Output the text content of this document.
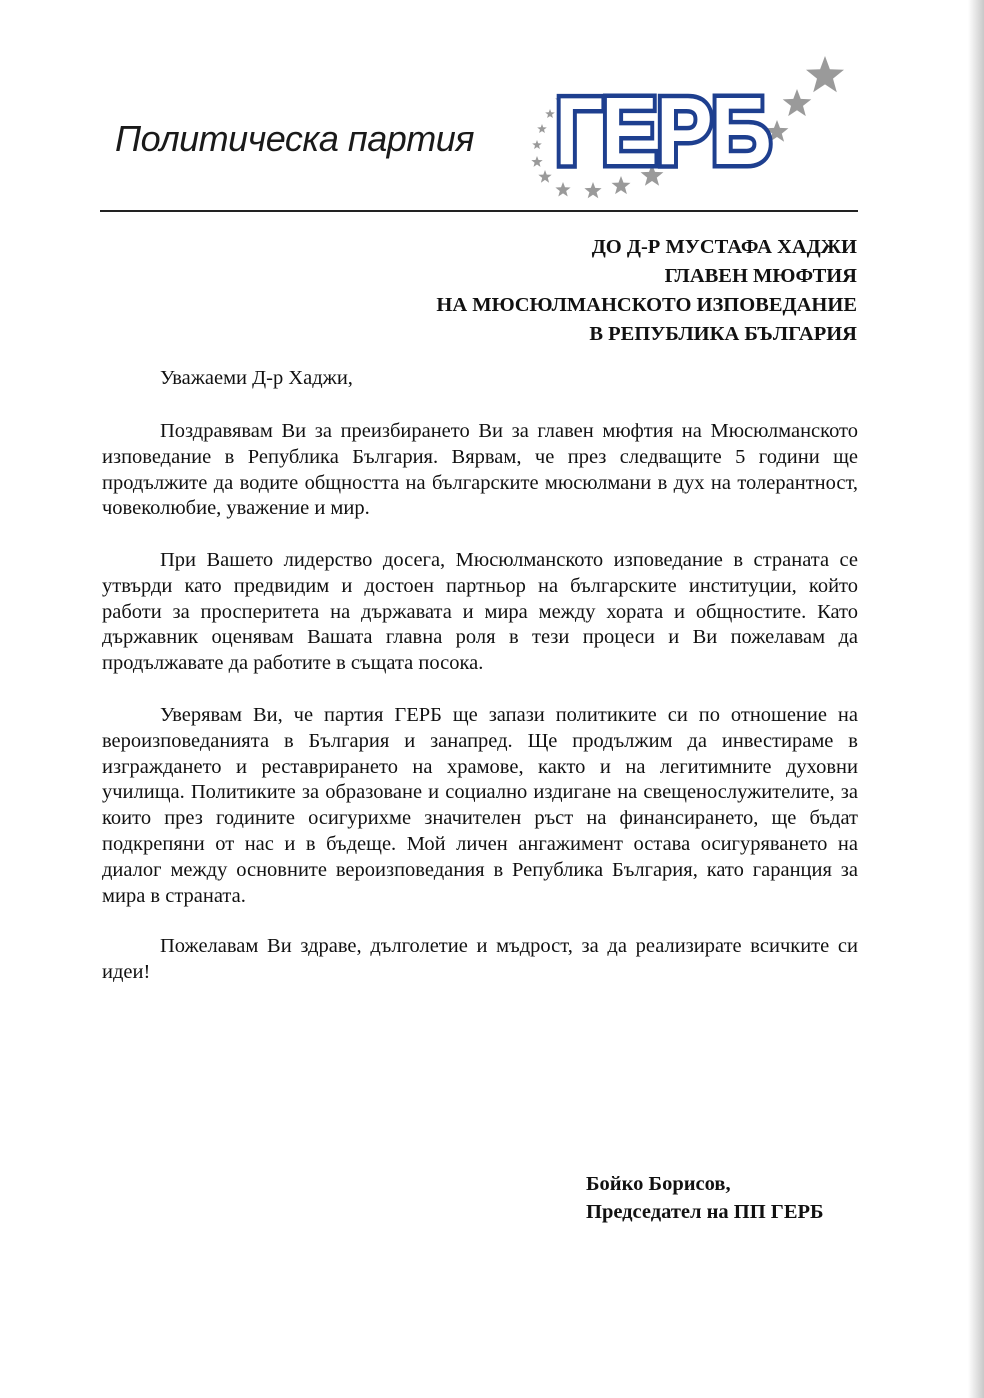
Политическа партия ГЕРБ
ДО Д-Р МУСТАФА ХАДЖИ
ГЛАВЕН МЮФТИЯ
НА МЮСЮЛМАНСКОТО ИЗПОВЕДАНИЕ
В РЕПУБЛИКА БЪЛГАРИЯ
Уважаеми Д-р Хаджи,

Поздравявам Ви за преизбирането Ви за главен мюфтия на Мюсюлманското изповедание в Република България. Вярвам, че през следващите 5 години ще продължите да водите общността на българските мюсюлмани в дух на толерантност, човеколюбие, уважение и мир.

При Вашето лидерство досега, Мюсюлманското изповедание в страната се утвърди като предвидим и достоен партньор на българските институции, който работи за просперитета на държавата и мира между хората и общностите. Като държавник оценявам Вашата главна роля в тези процеси и Ви пожелавам да продължавате да работите в същата посока.

Уверявам Ви, че партия ГЕРБ ще запази политиките си по отношение на вероизповеданията в България и занапред. Ще продължим да инвестираме в изграждането и реставрирането на храмове, както и на легитимните духовни училища. Политиките за образоване и социално издигане на свещенослужителите, за които през годините осигурихме значителен ръст на финансирането, ще бъдат подкрепяни от нас и в бъдеще. Мой личен ангажимент остава осигуряването на диалог между основните вероизповедания в Република България, като гаранция за мира в страната.

Пожелавам Ви здраве, дълголетие и мъдрост, за да реализирате всичките си идеи!

Бойко Борисов,
Председател на ПП ГЕРБ
